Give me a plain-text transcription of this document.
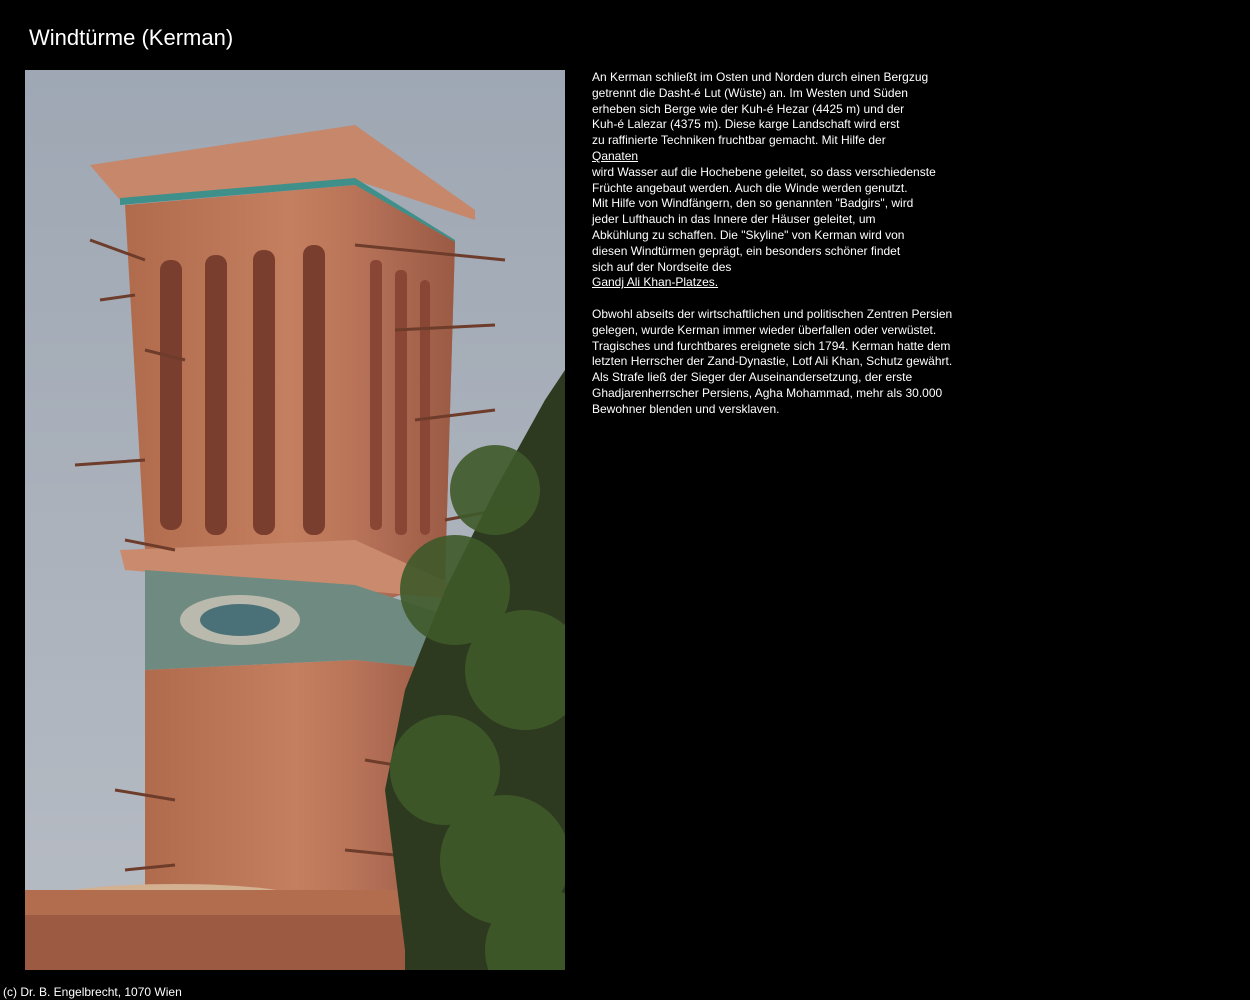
Windtürme (Kerman)

An Kerman schließt im Osten und Norden durch einen Bergzug
getrennt die Dasht-é Lut (Wüste) an. Im Westen und Süden
erheben sich Berge wie der Kuh-é Hezar (4425 m) und der
Kuh-é Lalezar (4375 m). Diese karge Landschaft wird erst
zu raffinierte Techniken fruchtbar gemacht. Mit Hilfe der
Qanaten
wird Wasser auf die Hochebene geleitet, so dass verschiedenste
Früchte angebaut werden. Auch die Winde werden genutzt.
Mit Hilfe von Windfängern, den so genannten "Badgirs", wird
jeder Lufthauch in das Innere der Häuser geleitet, um
Abkühlung zu schaffen. Die "Skyline" von Kerman wird von
diesen Windtürmen geprägt, ein besonders schöner findet
sich auf der Nordseite des
Gandj Ali Khan-Platzes.

Obwohl abseits der wirtschaftlichen und politischen Zentren Persien
gelegen, wurde Kerman immer wieder überfallen oder verwüstet.
Tragisches und furchtbares ereignete sich 1794. Kerman hatte dem
letzten Herrscher der Zand-Dynastie, Lotf Ali Khan, Schutz gewährt.
Als Strafe ließ der Sieger der Auseinandersetzung, der erste
Ghadjarenherrscher Persiens, Agha Mohammad, mehr als 30.000
Bewohner blenden und versklaven.

(c) Dr. B. Engelbrecht, 1070 Wien
